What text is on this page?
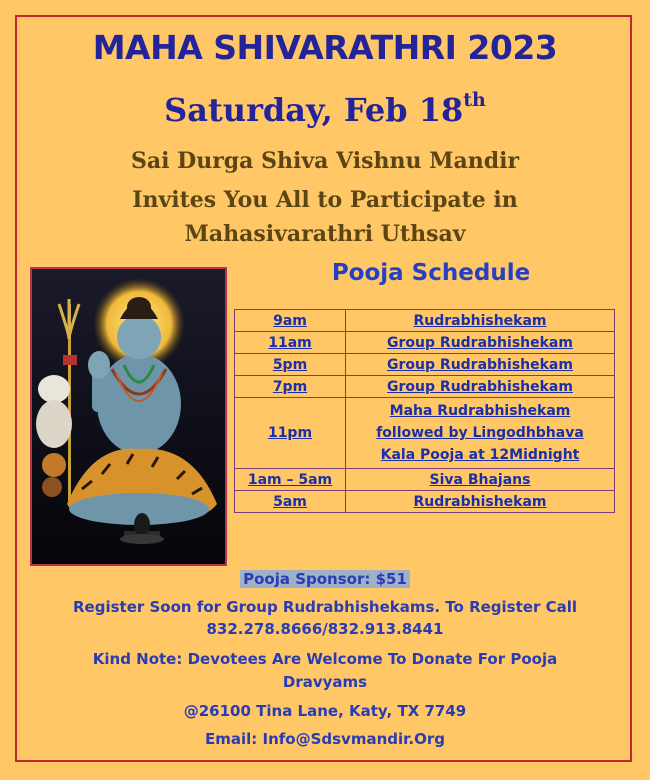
MAHA SHIVARATHRI 2023
Saturday, Feb 18th
Sai Durga Shiva Vishnu Mandir
Invites You All to Participate in
Mahasivarathri Uthsav
Pooja Schedule
9am	Rudrabhishekam
11am	Group Rudrabhishekam
5pm	Group Rudrabhishekam
7pm	Group Rudrabhishekam
11pm	Maha Rudrabhishekam
followed by Lingodhbhava
Kala Pooja at 12Midnight
1am – 5am	Siva Bhajans
5am	Rudrabhishekam
Pooja Sponsor: $51
Register Soon for Group Rudrabhishekams. To Register Call
832.278.8666/832.913.8441
Kind Note: Devotees Are Welcome To Donate For Pooja
Dravyams
@26100 Tina Lane, Katy, TX 7749
Email: Info@Sdsvmandir.Org
